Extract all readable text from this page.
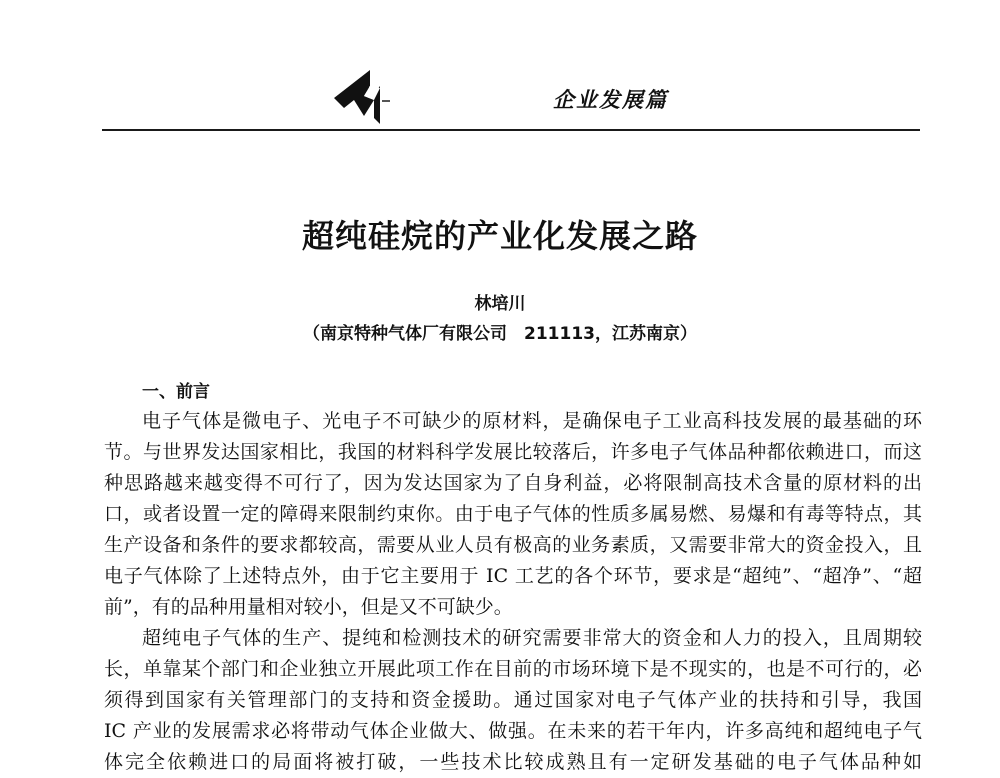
企业发展篇
超纯硅烷的产业化发展之路
林培川
（南京特种气体厂有限公司　211113，江苏南京）
一、前言
电子气体是微电子、光电子不可缺少的原材料，是确保电子工业高科技发展的最基础的环
节。与世界发达国家相比，我国的材料科学发展比较落后，许多电子气体品种都依赖进口，而这
种思路越来越变得不可行了，因为发达国家为了自身利益，必将限制高技术含量的原材料的出
口，或者设置一定的障碍来限制约束你。由于电子气体的性质多属易燃、易爆和有毒等特点，其
生产设备和条件的要求都较高，需要从业人员有极高的业务素质，又需要非常大的资金投入，且
电子气体除了上述特点外，由于它主要用于 IC 工艺的各个环节，要求是“超纯”、“超净”、“超
前”，有的品种用量相对较小，但是又不可缺少。
超纯电子气体的生产、提纯和检测技术的研究需要非常大的资金和人力的投入，且周期较
长，单靠某个部门和企业独立开展此项工作在目前的市场环境下是不现实的，也是不可行的，必
须得到国家有关管理部门的支持和资金援助。通过国家对电子气体产业的扶持和引导，我国
IC 产业的发展需求必将带动气体企业做大、做强。在未来的若干年内，许多高纯和超纯电子气
体完全依赖进口的局面将被打破，一些技术比较成熟且有一定研发基础的电子气体品种如
